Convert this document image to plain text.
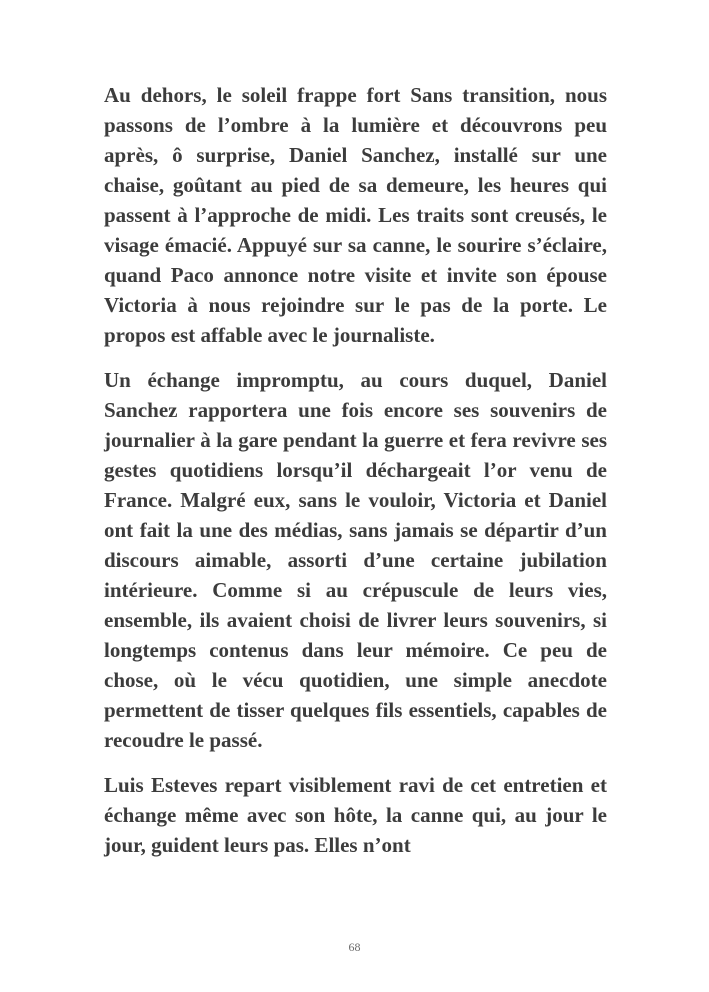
Au dehors, le soleil frappe fort Sans transition, nous passons de l’ombre à la lumière et découvrons peu après, ô surprise, Daniel Sanchez, installé sur une chaise, goûtant au pied de sa demeure, les heures qui passent à l’approche de midi. Les traits sont creusés, le visage émacié. Appuyé sur sa canne, le sourire s’éclaire, quand Paco annonce notre visite et invite son épouse Victoria à nous rejoindre sur le pas de la porte. Le propos est affable avec le journaliste.

Un échange impromptu, au cours duquel, Daniel Sanchez rapportera une fois encore ses souvenirs de journalier à la gare pendant la guerre et fera revivre ses gestes quotidiens lorsqu’il déchargeait l’or venu de France. Malgré eux, sans le vouloir, Victoria et Daniel ont fait la une des médias, sans jamais se départir d’un discours aimable, assorti d’une certaine jubilation intérieure. Comme si au crépuscule de leurs vies, ensemble, ils avaient choisi de livrer leurs souvenirs, si longtemps contenus dans leur mémoire. Ce peu de chose, où le vécu quotidien, une simple anecdote permettent de tisser quelques fils essentiels, capables de recoudre le passé.

Luis Esteves repart visiblement ravi de cet entretien et échange même avec son hôte, la canne qui, au jour le jour, guident leurs pas. Elles n’ont

68
